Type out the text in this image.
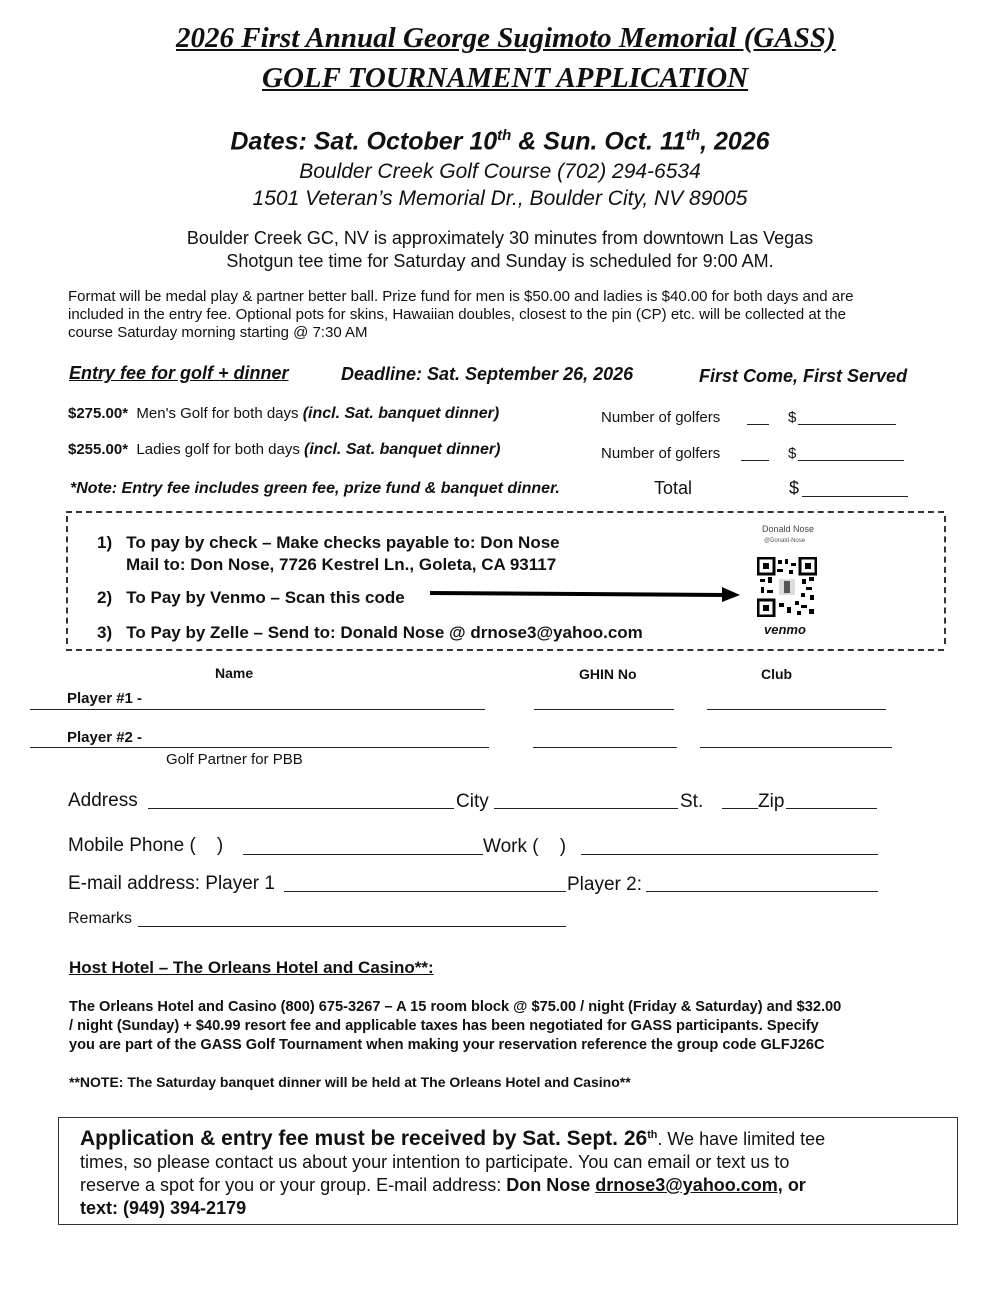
2026 First Annual George Sugimoto Memorial (GASS)
GOLF TOURNAMENT APPLICATION
Dates: Sat. October 10th & Sun. Oct. 11th, 2026
Boulder Creek Golf Course (702) 294-6534
1501 Veteran’s Memorial Dr., Boulder City, NV 89005
Boulder Creek GC, NV is approximately 30 minutes from downtown Las Vegas
Shotgun tee time for Saturday and Sunday is scheduled for 9:00 AM.
Format will be medal play & partner better ball. Prize fund for men is $50.00 and ladies is $40.00 for both days and are
included in the entry fee. Optional pots for skins, Hawaiian doubles, closest to the pin (CP) etc. will be collected at the
course Saturday morning starting @ 7:30 AM
Entry fee for golf + dinner	Deadline: Sat. September 26, 2026	First Come, First Served
$275.00* Men's Golf for both days (incl. Sat. banquet dinner)	Number of golfers	$
$255.00* Ladies golf for both days (incl. Sat. banquet dinner)	Number of golfers	$
*Note: Entry fee includes green fee, prize fund & banquet dinner.	Total	$
1)   To pay by check – Make checks payable to: Don Nose
Mail to: Don Nose, 7726 Kestrel Ln., Goleta, CA 93117
2)   To Pay by Venmo – Scan this code
3)   To Pay by Zelle – Send to: Donald Nose @ drnose3@yahoo.com
Donald Nose
@Donald-Nose
venmo
Name	GHIN No	Club
Player #1 -
Player #2 -
Golf Partner for PBB
Address	City	St.	Zip
Mobile Phone (    )	Work (    )
E-mail address: Player 1	Player 2:
Remarks
Host Hotel – The Orleans Hotel and Casino**:
The Orleans Hotel and Casino (800) 675-3267 – A 15 room block @ $75.00 / night (Friday & Saturday) and $32.00
/ night (Sunday) + $40.99 resort fee and applicable taxes has been negotiated for GASS participants. Specify
you are part of the GASS Golf Tournament when making your reservation reference the group code GLFJ26C
**NOTE: The Saturday banquet dinner will be held at The Orleans Hotel and Casino**
Application & entry fee must be received by Sat. Sept. 26th. We have limited tee
times, so please contact us about your intention to participate. You can email or text us to
reserve a spot for you or your group. E-mail address: Don Nose drnose3@yahoo.com, or
text: (949) 394-2179
